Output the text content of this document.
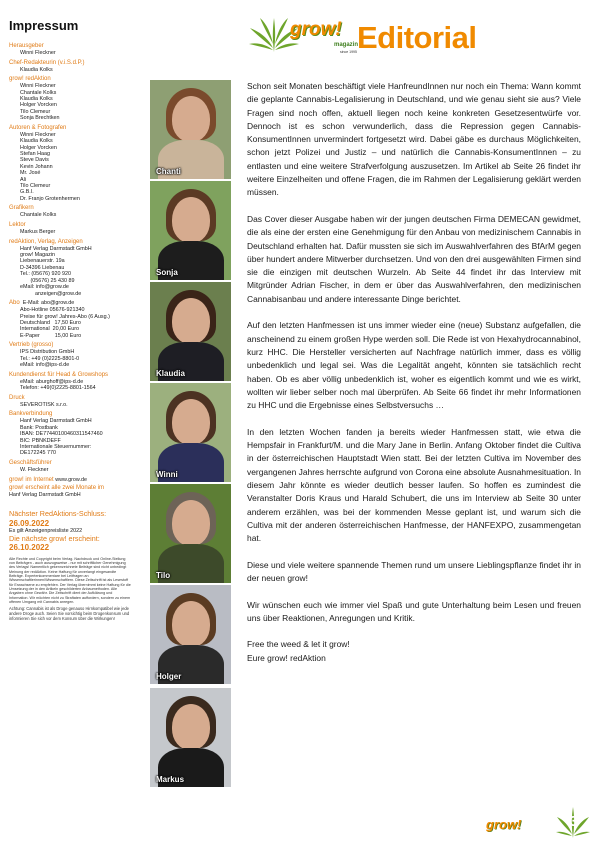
Impressum
Herausgeber
Winni Fleckner
Chef-Redakteurin (v.i.S.d.P.)
Klaudia Kolks
grow! redAktion
Winni Fleckner
Chantale Kolks
Klaudia Kolks
Holger Vorcken
Tilo Clemeur
Sonja Brechtken
Autoren & Fotografen
Winni Fleckner
Klaudia Kolks
Holger Vorcken
Stefan Haag
Steve Davis
Kevin Johann
Mr. José
Ali
Tilo Clemeur
G.B.I.
Dr. Franjo Grotenhermen
Grafikern
Chantale Kolks
Lektor
Markus Berger
redAktion, Verlag, Anzeigen
Hanf Verlag Darmstadt GmbH
grow! Magazin
Liebenauerstr. 19a
D-34396 Liebenau
Tel.: (05676) 920 920
(05676) 25 430 89
eMail: info@grow.de
anzeigen@grow.de
Abo E-Mail: abo@grow.de
Abo-Hotline 05676-921340
Preise für grow! Jahres-Abo (6 Ausg.)
Deutschland   17,50 Euro
International  20,00 Euro
E-Paper          15,00 Euro
Vertrieb (grosso)
IPS Distribution GmbH
Tel.: +49 (0)2225-8801-0
eMail: info@ips-d.de
Kundendienst für Head & Growshops
eMail: aburghoff@ips-d.de
Telefon: +49(0)2225-8801-1564
Druck
SEVEROTISK s.r.o.
Bankverbindung
Hanf Verlag Darmstadt GmbH
Bank: Postbank
IBAN: DE77440100460311547460
BIC: PBNKDEFF
Internationale Steuernummer:
DE172245 770
Geschäftsführer
W. Fleckner
grow! im Internet www.grow.de
grow! erscheint alle zwei Monate im
Hanf Verlag Darmstadt GmbH
Nächster RedAktions-Schluss:
26.09.2022
Es gilt Anzeigenpreisliste 2022
Die nächste grow! erscheint:
26.10.2022
Alle Rechte und Copyright beim Verlag. Nachdruck und Online-Stellung von Beiträgen - auch auszugsweise - nur mit schriftlicher Genehmigung des Verlags! Namentlich gekennzeichnete Beiträge sind nicht unbedingt Meinung der redAktion. Keine Haftung für unverlangt eingesandte Beiträge. Expertenkommentare bei Leitfragen an Wissenschaftlerinnen/Wissenschaftlern. Diese Zeitschrift ist als Lesestoff für Erwachsene zu empfehlen. Der Verlag übernimmt keine Haftung für die Umsetzung der in den Artikeln geschilderten Anbaumethoden. Alle Angaben ohne Gewähr. Die Zeitschrift dient der Aufklärung und Information. Wir möchten nicht zu Straftaten auffordern, sondern zu einem offenen Umgang mit Cannabis anregen.
Achtung: Cannabis ist als Droge genauso Hirnkompatibel wie jede andere Droge auch. Seien Sie vorsichtig beim Drogenkonsum und informieren Sie sich vor dem Konsum über die Wirkungen!
Chanti
Sonja
Klaudia
Winni
Tilo
Holger
Markus
grow!
magazin
since 1995 Editorial

Schon seit Monaten beschäftigt viele HanfreundInnen nur noch ein Thema: Wann kommt die geplante Cannabis-Legalisierung in Deutschland, und wie genau sieht sie aus? Viele Fragen sind noch offen, aktuell liegen noch keine konkreten Gesetzesentwürfe vor. Dennoch ist es schon verwunderlich, dass die Repression gegen Cannabis-KonsumentInnen unvermindert fortgesetzt wird. Dabei gäbe es durchaus Möglichkeiten, schon jetzt Polizei und Justiz – und natürlich die Cannabis-KonsumentInnen – zu entlasten und eine weitere Strafverfolgung auszusetzen. Im Artikel ab Seite 26 findet ihr weitere Einzelheiten und offene Fragen, die im Rahmen der Legalisierung geklärt werden müssen.

Das Cover dieser Ausgabe haben wir der jungen deutschen Firma DEMECAN gewidmet, die als eine der ersten eine Genehmigung für den Anbau von medizinischem Cannabis in Deutschland erhalten hat. Dafür mussten sie sich im Auswahlverfahren des BfArM gegen über hundert andere Mitwerber durchsetzen. Und von den drei ausgewählten Firmen sind sie die einzigen mit deutschen Wurzeln. Ab Seite 44 findet ihr das Interview mit Mitgründer Adrian Fischer, in dem er über das Auswahlverfahren, den medizinischen Cannabisanbau und andere interessante Dinge berichtet.

Auf den letzten Hanfmessen ist uns immer wieder eine (neue) Substanz aufgefallen, die anscheinend zu einem großen Hype werden soll. Die Rede ist von Hexahydrocannabinol, kurz HHC. Die Hersteller versicherten auf Nachfrage natürlich immer, dass es völlig unbedenklich und legal sei. Was die Legalität angeht, könnten sie tatsächlich recht haben. Ob es aber völlig unbedenklich ist, woher es eigentlich kommt und wie es wirkt, wollten wir lieber selber noch mal überprüfen. Ab Seite 66 findet ihr mehr Informationen zu HHC und die Ergebnisse eines Selbstversuchs …

In den letzten Wochen fanden ja bereits wieder Hanfmessen statt, wie etwa die Hempsfair in Frankfurt/M. und die Mary Jane in Berlin. Anfang Oktober findet die Cultiva in der österreichischen Hauptstadt Wien statt. Bei der letzten Cultiva im November des vergangenen Jahres herrschte aufgrund von Corona eine absolute Ausnahmesituation. In diesem Jahr könnte es wieder deutlich besser laufen. So hoffen es zumindest die Veranstalter Doris Kraus und Harald Schubert, die uns im Interview ab Seite 30 unter anderem erzählen, was bei der kommenden Messe geplant ist, und warum sich die Cultiva mit der anderen österreichischen Hanfmesse, der HANFEXPO, zusammengetan hat.

Diese und viele weitere spannende Themen rund um unsere Lieblingspflanze findet ihr in der neuen grow!

Wir wünschen euch wie immer viel Spaß und gute Unterhaltung beim Lesen und freuen uns über Reaktionen, Anregungen und Kritik.

Free the weed & let it grow!
Eure grow! redAktion
grow!	3
